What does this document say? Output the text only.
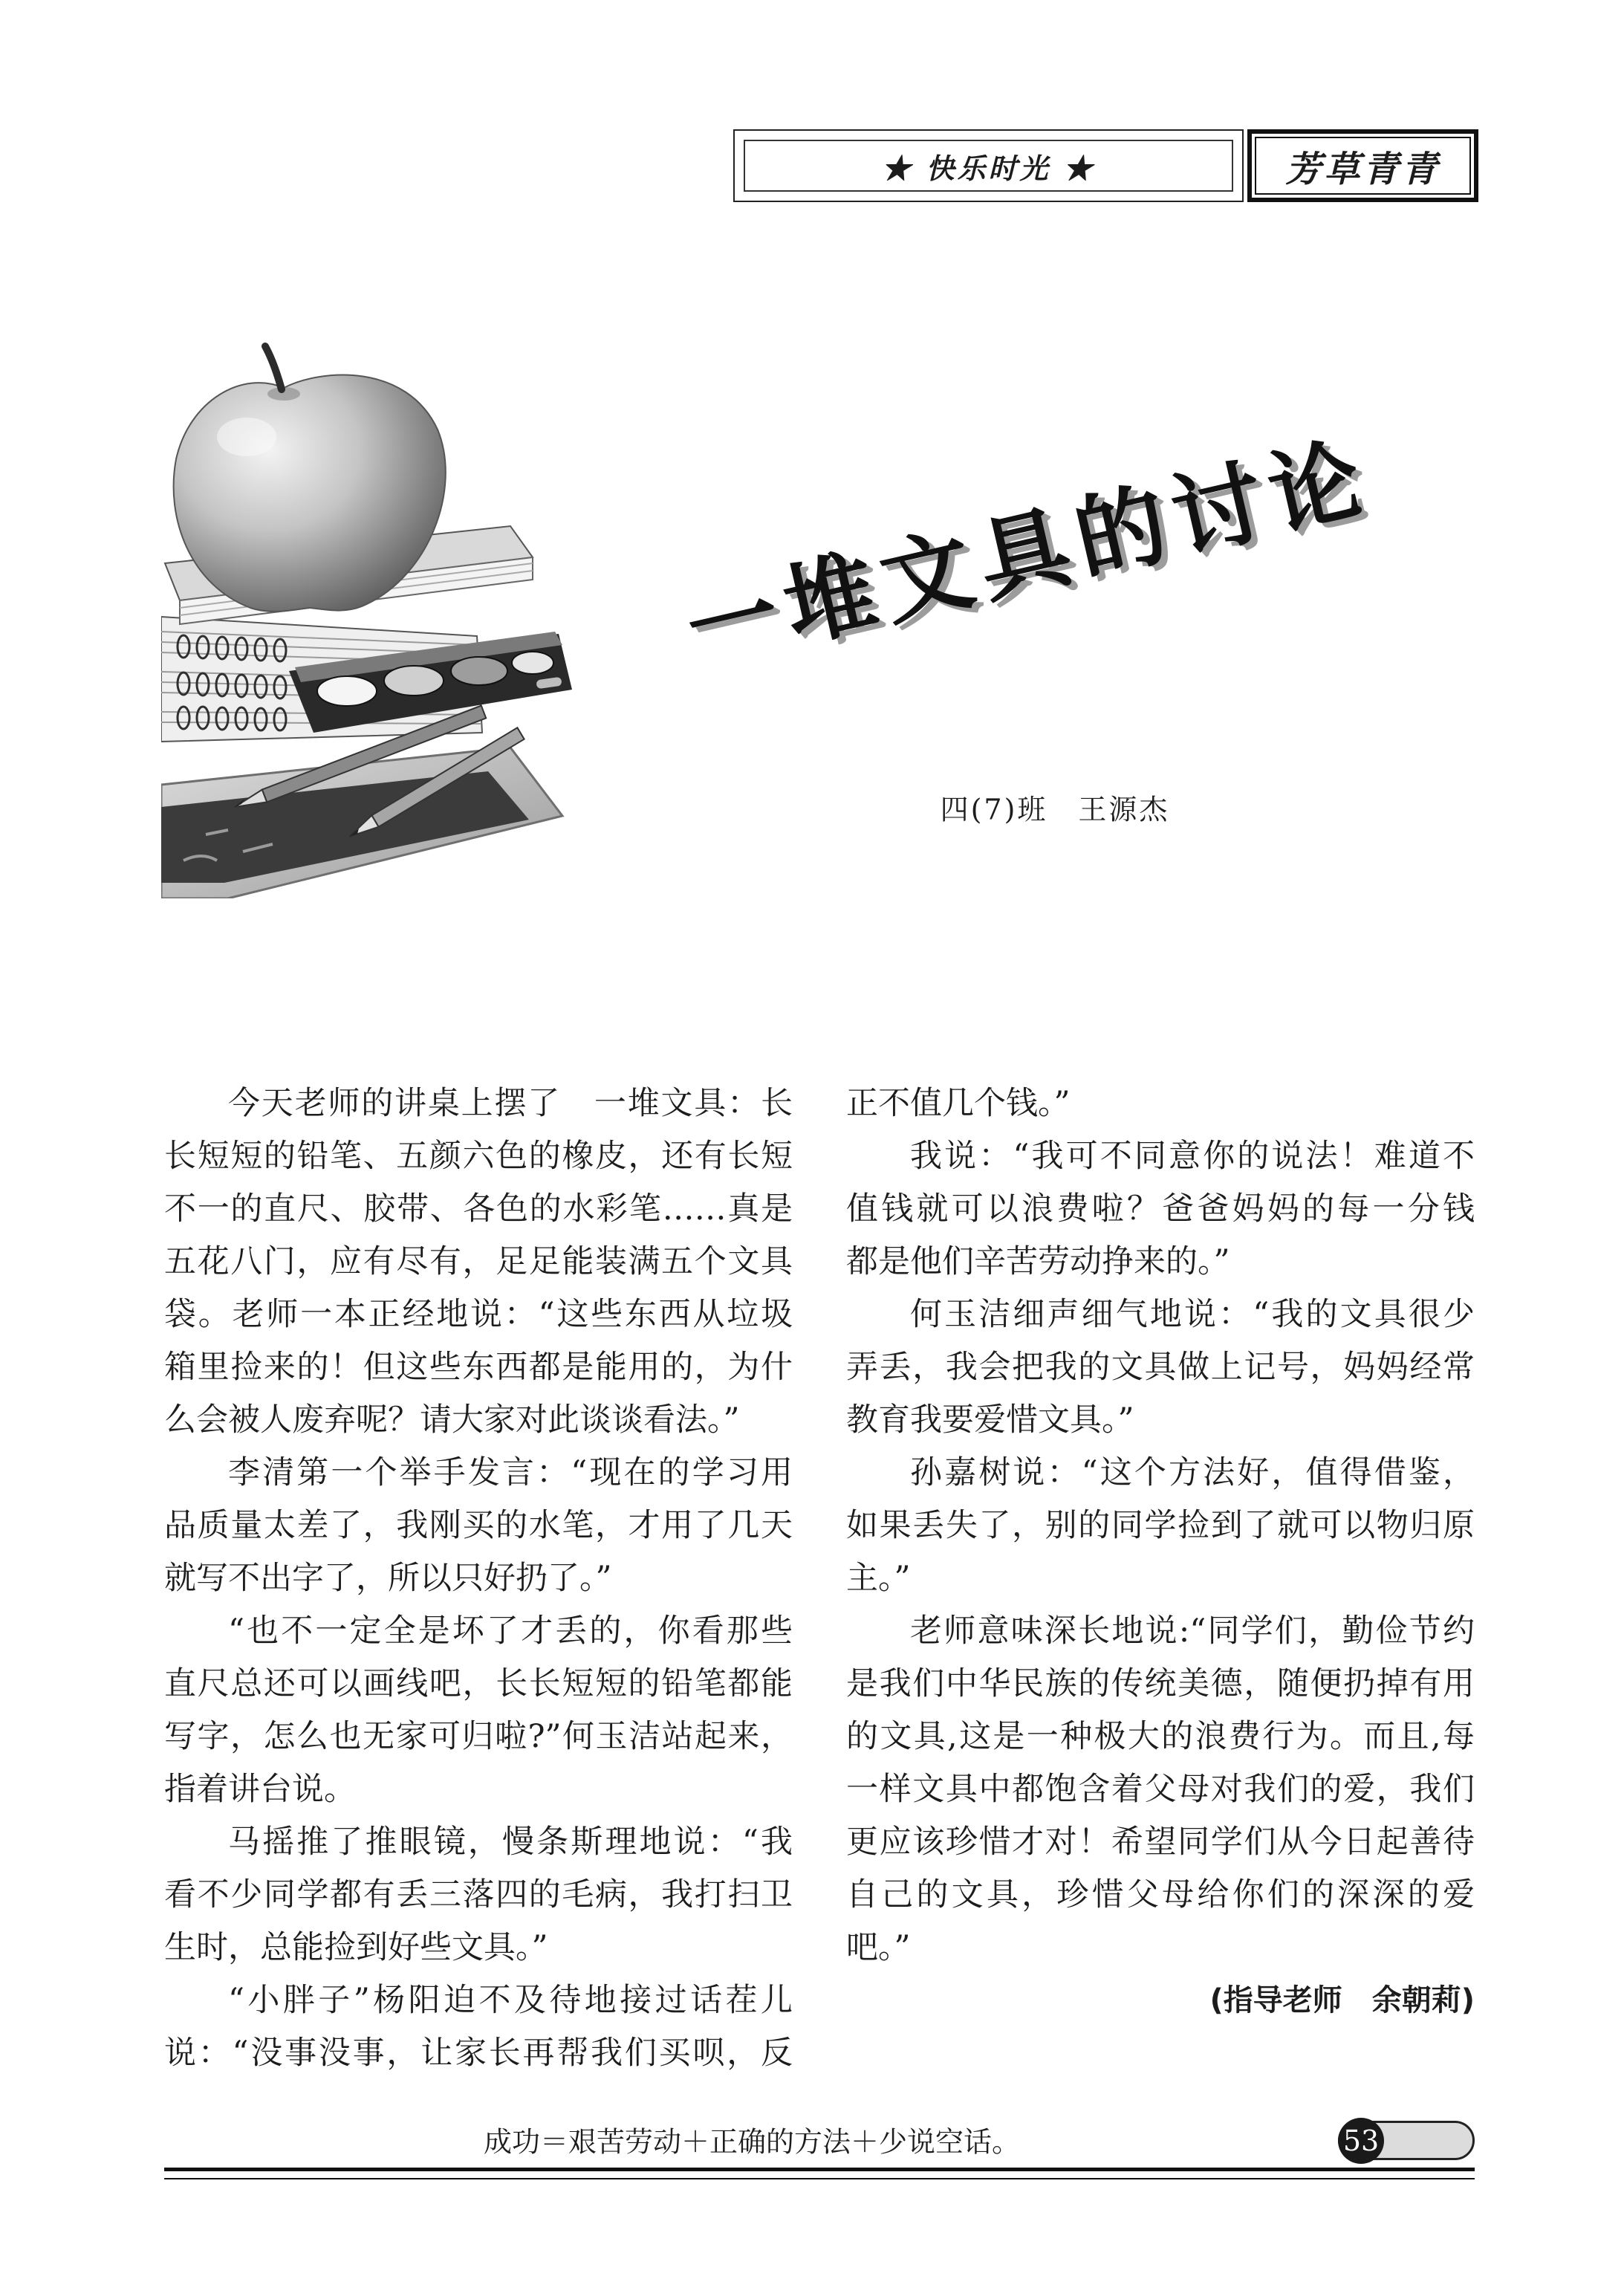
★ 快乐时光 ★	芳草青青
一堆文具的讨论
四(7)班　王源杰
今天老师的讲桌上摆了　一堆文具：长
长短短的铅笔、五颜六色的橡皮，还有长短
不一的直尺、胶带、各色的水彩笔……真是
五花八门，应有尽有，足足能装满五个文具
袋。老师一本正经地说：“这些东西从垃圾
箱里捡来的！但这些东西都是能用的，为什
么会被人废弃呢？请大家对此谈谈看法。”
李清第一个举手发言：“现在的学习用
品质量太差了，我刚买的水笔，才用了几天
就写不出字了，所以只好扔了。”
“也不一定全是坏了才丢的，你看那些
直尺总还可以画线吧，长长短短的铅笔都能
写字，怎么也无家可归啦?”何玉洁站起来，
指着讲台说。
马摇推了推眼镜，慢条斯理地说：“我
看不少同学都有丢三落四的毛病，我打扫卫
生时，总能捡到好些文具。”
“小胖子”杨阳迫不及待地接过话茬儿
说：“没事没事，让家长再帮我们买呗，反
正不值几个钱。”
我说：“我可不同意你的说法！难道不
值钱就可以浪费啦？爸爸妈妈的每一分钱
都是他们辛苦劳动挣来的。”
何玉洁细声细气地说：“我的文具很少
弄丢，我会把我的文具做上记号，妈妈经常
教育我要爱惜文具。”
孙嘉树说：“这个方法好，值得借鉴，
如果丢失了，别的同学捡到了就可以物归原
主。”
老师意味深长地说:“同学们，勤俭节约
是我们中华民族的传统美德，随便扔掉有用
的文具,这是一种极大的浪费行为。而且,每
一样文具中都饱含着父母对我们的爱，我们
更应该珍惜才对！希望同学们从今日起善待
自己的文具，珍惜父母给你们的深深的爱
吧。”
(指导老师　余朝莉)
成功＝艰苦劳动＋正确的方法＋少说空话。	53
